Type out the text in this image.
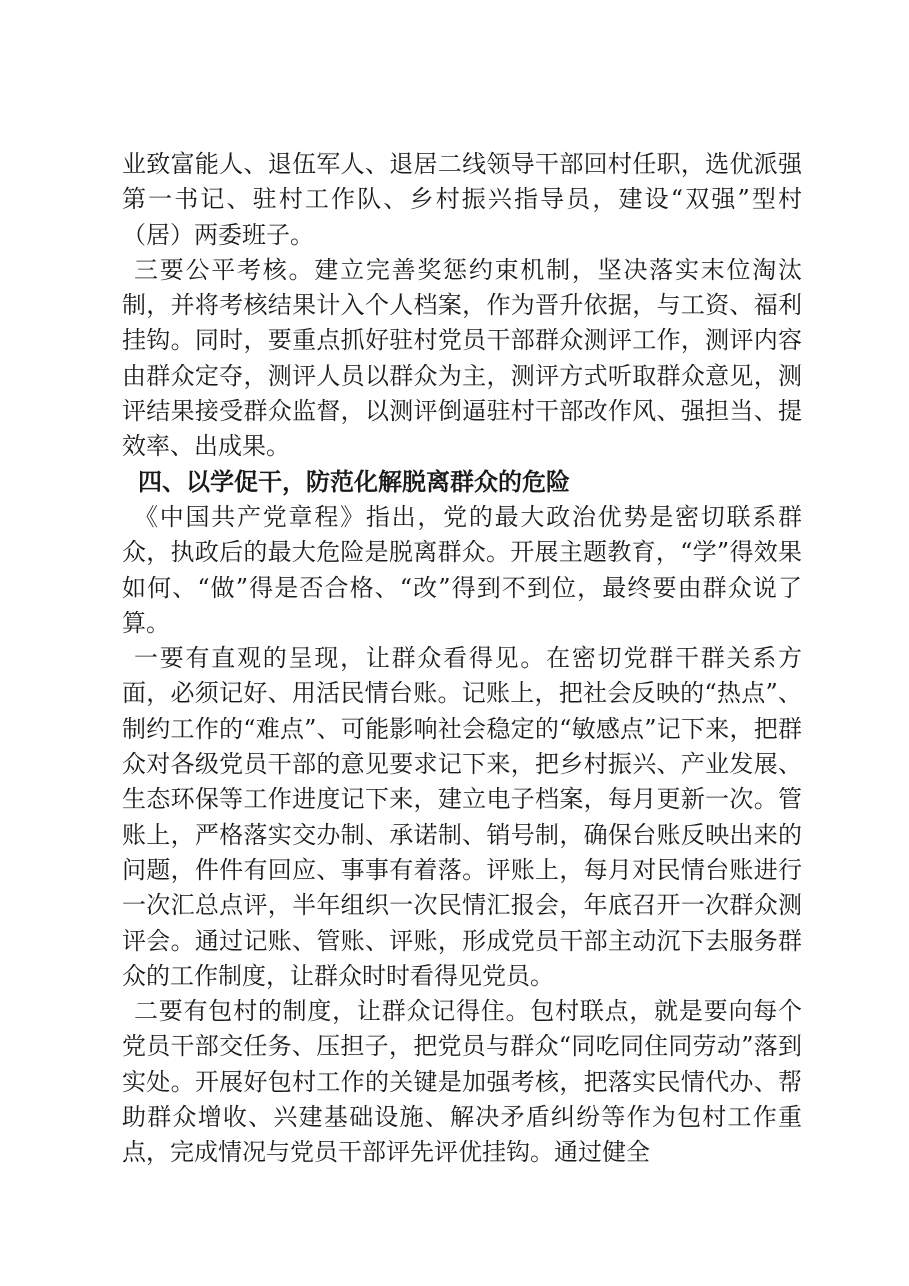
业致富能人、退伍军人、退居二线领导干部回村任职，选优派强第一书记、驻村工作队、乡村振兴指导员，建设“双强”型村（居）两委班子。

三要公平考核。建立完善奖惩约束机制，坚决落实末位淘汰制，并将考核结果计入个人档案，作为晋升依据，与工资、福利挂钩。同时，要重点抓好驻村党员干部群众测评工作，测评内容由群众定夺，测评人员以群众为主，测评方式听取群众意见，测评结果接受群众监督，以测评倒逼驻村干部改作风、强担当、提效率、出成果。

四、以学促干，防范化解脱离群众的危险

《中国共产党章程》指出，党的最大政治优势是密切联系群众，执政后的最大危险是脱离群众。开展主题教育，“学”得效果如何、“做”得是否合格、“改”得到不到位，最终要由群众说了算。

一要有直观的呈现，让群众看得见。在密切党群干群关系方面，必须记好、用活民情台账。记账上，把社会反映的“热点”、制约工作的“难点”、可能影响社会稳定的“敏感点”记下来，把群众对各级党员干部的意见要求记下来，把乡村振兴、产业发展、生态环保等工作进度记下来，建立电子档案，每月更新一次。管账上，严格落实交办制、承诺制、销号制，确保台账反映出来的问题，件件有回应、事事有着落。评账上，每月对民情台账进行一次汇总点评，半年组织一次民情汇报会，年底召开一次群众测评会。通过记账、管账、评账，形成党员干部主动沉下去服务群众的工作制度，让群众时时看得见党员。

二要有包村的制度，让群众记得住。包村联点，就是要向每个党员干部交任务、压担子，把党员与群众“同吃同住同劳动”落到实处。开展好包村工作的关键是加强考核，把落实民情代办、帮助群众增收、兴建基础设施、解决矛盾纠纷等作为包村工作重点，完成情况与党员干部评先评优挂钩。通过健全
